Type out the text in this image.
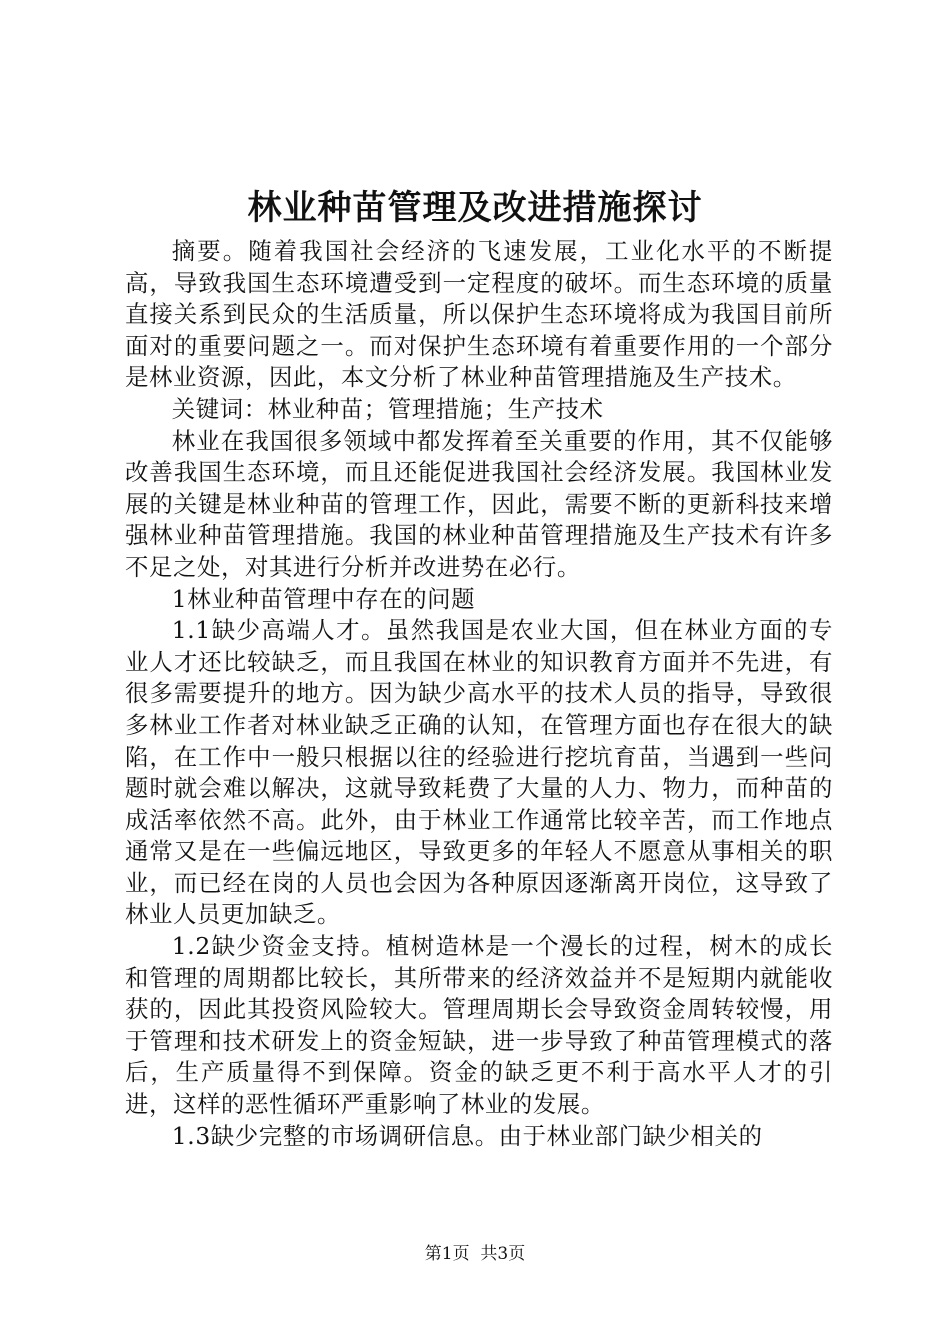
林业种苗管理及改进措施探讨

摘要。随着我国社会经济的飞速发展，工业化水平的不断提高，导致我国生态环境遭受到一定程度的破坏。而生态环境的质量直接关系到民众的生活质量，所以保护生态环境将成为我国目前所面对的重要问题之一。而对保护生态环境有着重要作用的一个部分是林业资源，因此，本文分析了林业种苗管理措施及生产技术。

关键词：林业种苗；管理措施；生产技术

林业在我国很多领域中都发挥着至关重要的作用，其不仅能够改善我国生态环境，而且还能促进我国社会经济发展。我国林业发展的关键是林业种苗的管理工作，因此，需要不断的更新科技来增强林业种苗管理措施。我国的林业种苗管理措施及生产技术有许多不足之处，对其进行分析并改进势在必行。

1林业种苗管理中存在的问题

1.1缺少高端人才。虽然我国是农业大国，但在林业方面的专业人才还比较缺乏，而且我国在林业的知识教育方面并不先进，有很多需要提升的地方。因为缺少高水平的技术人员的指导，导致很多林业工作者对林业缺乏正确的认知，在管理方面也存在很大的缺陷，在工作中一般只根据以往的经验进行挖坑育苗，当遇到一些问题时就会难以解决，这就导致耗费了大量的人力、物力，而种苗的成活率依然不高。此外，由于林业工作通常比较辛苦，而工作地点通常又是在一些偏远地区，导致更多的年轻人不愿意从事相关的职业，而已经在岗的人员也会因为各种原因逐渐离开岗位，这导致了林业人员更加缺乏。

1.2缺少资金支持。植树造林是一个漫长的过程，树木的成长和管理的周期都比较长，其所带来的经济效益并不是短期内就能收获的，因此其投资风险较大。管理周期长会导致资金周转较慢，用于管理和技术研发上的资金短缺，进一步导致了种苗管理模式的落后，生产质量得不到保障。资金的缺乏更不利于高水平人才的引进，这样的恶性循环严重影响了林业的发展。

1.3缺少完整的市场调研信息。由于林业部门缺少相关的

第1页 共3页
